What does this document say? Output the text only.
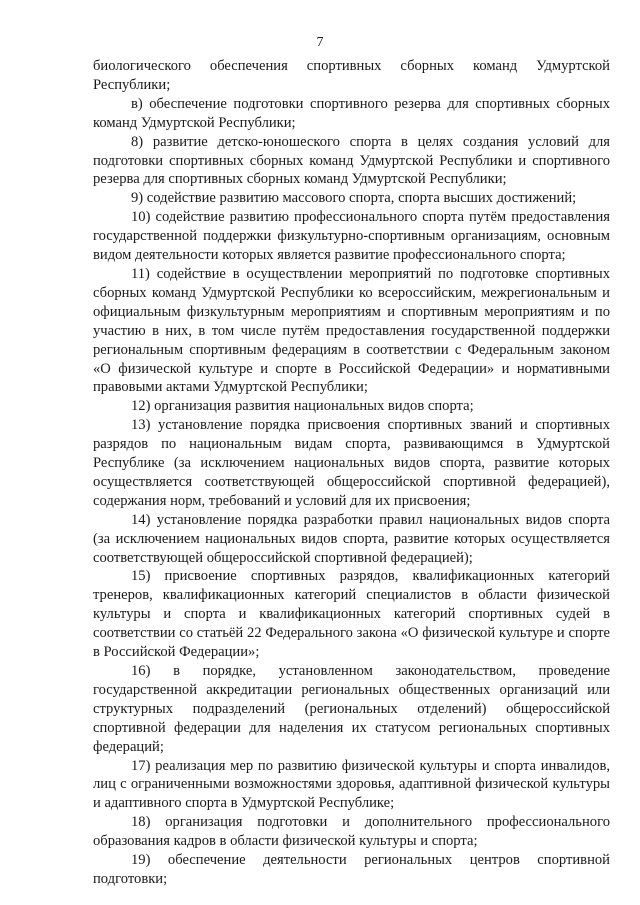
7

биологического обеспечения спортивных сборных команд Удмуртской Республики;

в) обеспечение подготовки спортивного резерва для спортивных сборных команд Удмуртской Республики;

8) развитие детско-юношеского спорта в целях создания условий для подготовки спортивных сборных команд Удмуртской Республики и спортивного резерва для спортивных сборных команд Удмуртской Республики;

9) содействие развитию массового спорта, спорта высших достижений;

10) содействие развитию профессионального спорта путём предоставления государственной поддержки физкультурно-спортивным организациям, основным видом деятельности которых является развитие профессионального спорта;

11) содействие в осуществлении мероприятий по подготовке спортивных сборных команд Удмуртской Республики ко всероссийским, межрегиональным и официальным физкультурным мероприятиям и спортивным мероприятиям и по участию в них, в том числе путём предоставления государственной поддержки региональным спортивным федерациям в соответствии с Федеральным законом «О физической культуре и спорте в Российской Федерации» и нормативными правовыми актами Удмуртской Республики;

12) организация развития национальных видов спорта;

13) установление порядка присвоения спортивных званий и спортивных разрядов по национальным видам спорта, развивающимся в Удмуртской Республике (за исключением национальных видов спорта, развитие которых осуществляется соответствующей общероссийской спортивной федерацией), содержания норм, требований и условий для их присвоения;

14) установление порядка разработки правил национальных видов спорта (за исключением национальных видов спорта, развитие которых осуществляется соответствующей общероссийской спортивной федерацией);

15) присвоение спортивных разрядов, квалификационных категорий тренеров, квалификационных категорий специалистов в области физической культуры и спорта и квалификационных категорий спортивных судей в соответствии со статьёй 22 Федерального закона «О физической культуре и спорте в Российской Федерации»;

16) в порядке, установленном законодательством, проведение государственной аккредитации региональных общественных организаций или структурных подразделений (региональных отделений) общероссийской спортивной федерации для наделения их статусом региональных спортивных федераций;

17) реализация мер по развитию физической культуры и спорта инвалидов, лиц с ограниченными возможностями здоровья, адаптивной физической культуры и адаптивного спорта в Удмуртской Республике;

18) организация подготовки и дополнительного профессионального образования кадров в области физической культуры и спорта;

19) обеспечение деятельности региональных центров спортивной подготовки;
